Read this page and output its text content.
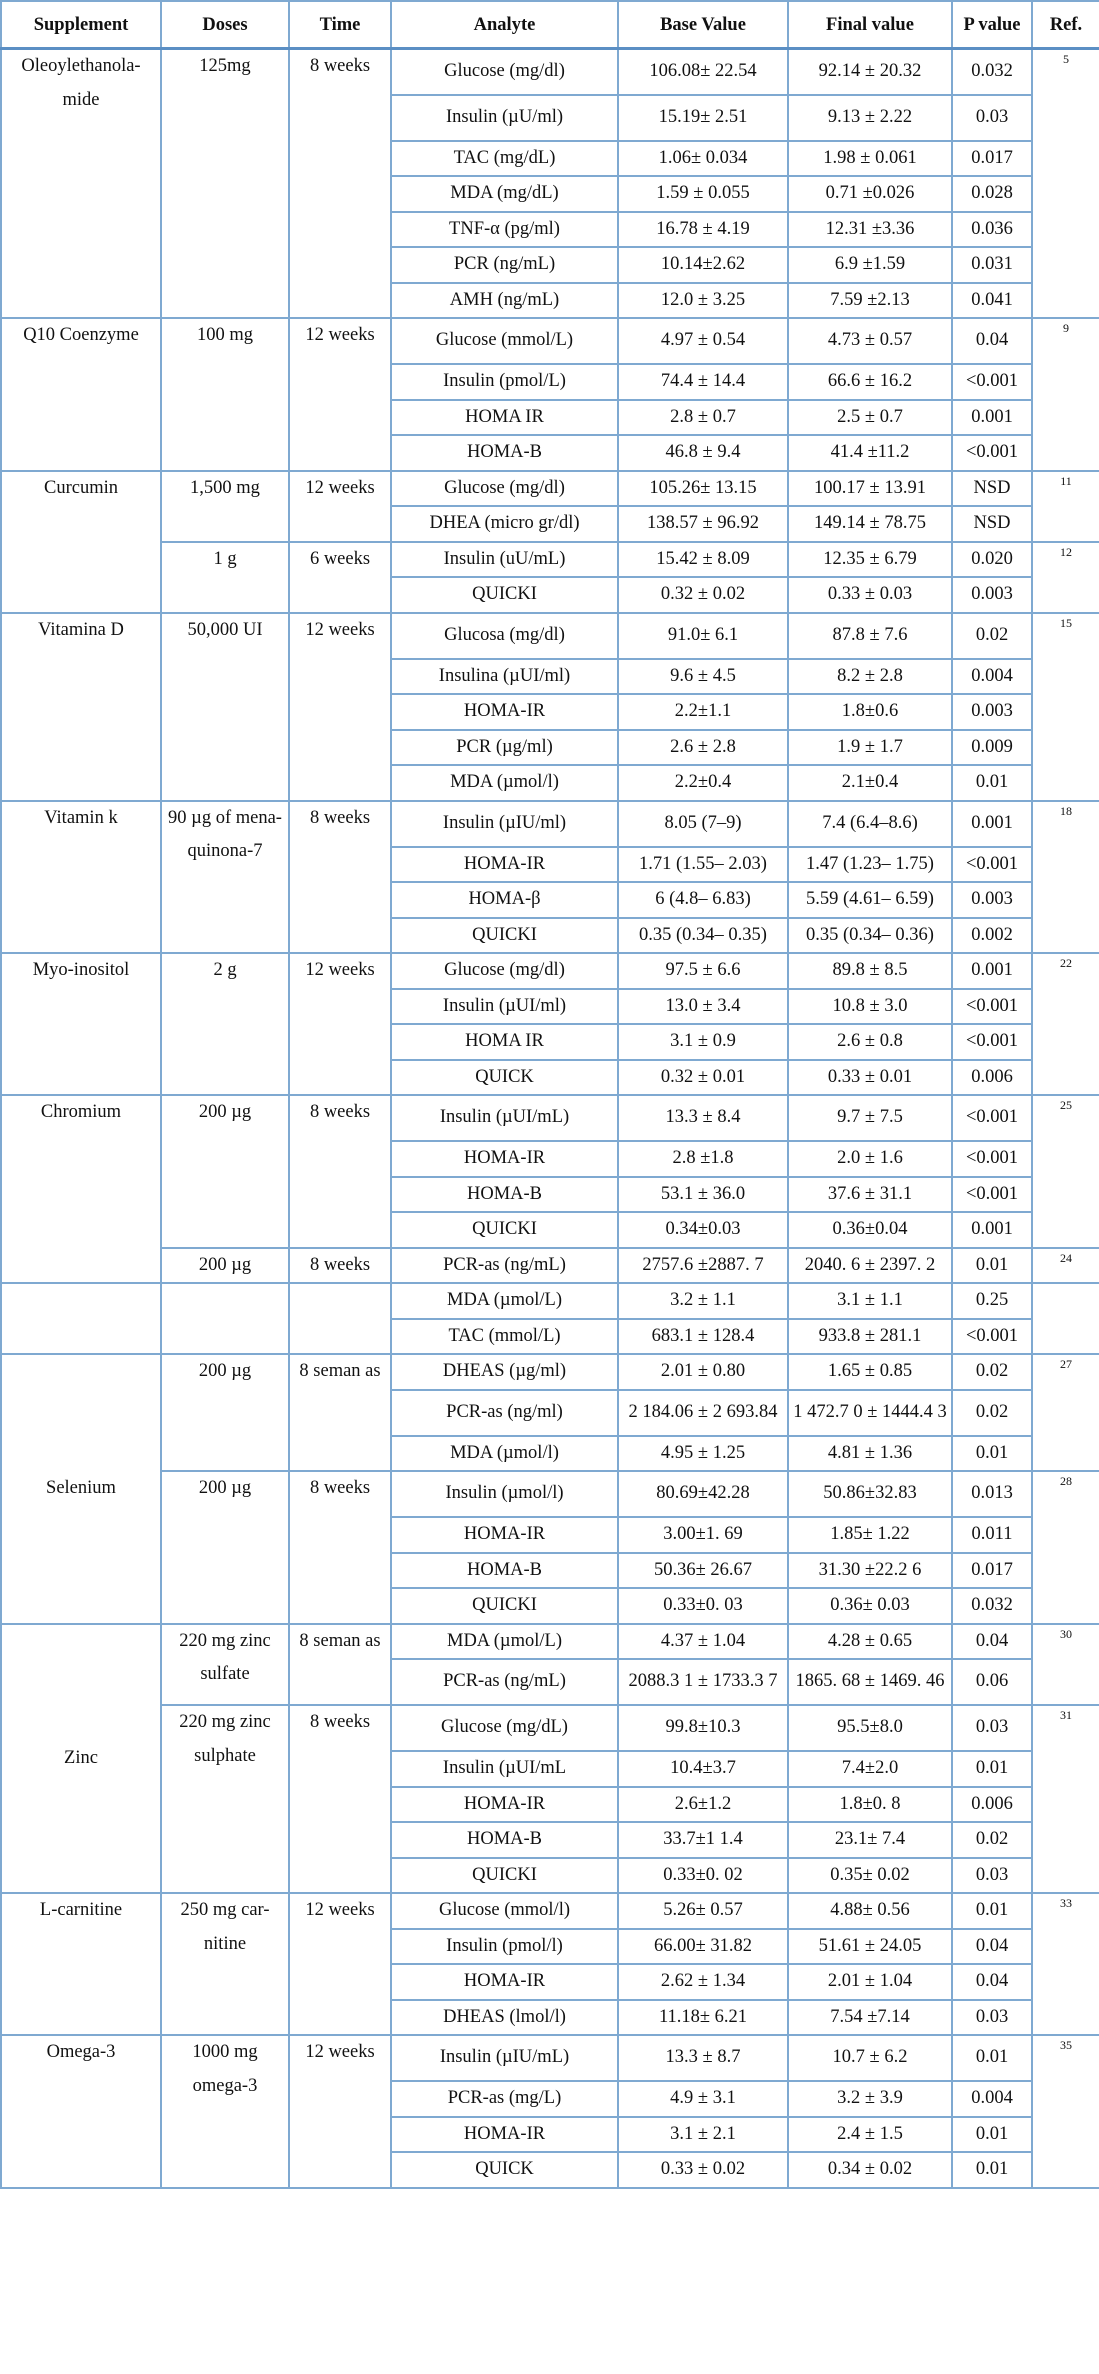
Supplement	Doses	Time	Analyte	Base Value	Final value	P value	Ref.
Oleoylethanola-mide	125mg	8 weeks	Glucose (mg/dl)	106.08± 22.54	92.14 ± 20.32	0.032	5
			Insulin (µU/ml)	15.19± 2.51	9.13 ± 2.22	0.03	
			TAC (mg/dL)	1.06± 0.034	1.98 ± 0.061	0.017	
			MDA (mg/dL)	1.59 ± 0.055	0.71 ±0.026	0.028	
			TNF-α (pg/ml)	16.78 ± 4.19	12.31 ±3.36	0.036	
			PCR (ng/mL)	10.14±2.62	6.9 ±1.59	0.031	
			AMH (ng/mL)	12.0 ± 3.25	7.59 ±2.13	0.041	
Q10 Coenzyme	100 mg	12 weeks	Glucose (mmol/L)	4.97 ± 0.54	4.73 ± 0.57	0.04	9
			Insulin (pmol/L)	74.4 ± 14.4	66.6 ± 16.2	<0.001	
			HOMA IR	2.8 ± 0.7	2.5 ± 0.7	0.001	
			HOMA-B	46.8 ± 9.4	41.4 ±11.2	<0.001	
Curcumin	1,500 mg	12 weeks	Glucose (mg/dl)	105.26± 13.15	100.17 ± 13.91	NSD	11
			DHEA (micro gr/dl)	138.57 ± 96.92	149.14 ± 78.75	NSD	
	1 g	6 weeks	Insulin (uU/mL)	15.42 ± 8.09	12.35 ± 6.79	0.020	12
			QUICKI	0.32 ± 0.02	0.33 ± 0.03	0.003	
Vitamina D	50,000 UI	12 weeks	Glucosa (mg/dl)	91.0± 6.1	87.8 ± 7.6	0.02	15
			Insulina (µUI/ml)	9.6 ± 4.5	8.2 ± 2.8	0.004	
			HOMA-IR	2.2±1.1	1.8±0.6	0.003	
			PCR (µg/ml)	2.6 ± 2.8	1.9 ± 1.7	0.009	
			MDA (µmol/l)	2.2±0.4	2.1±0.4	0.01	
Vitamin k	90 µg of mena-quinona-7	8 weeks	Insulin (µIU/ml)	8.05 (7–9)	7.4 (6.4–8.6)	0.001	18
			HOMA-IR	1.71 (1.55– 2.03)	1.47 (1.23– 1.75)	<0.001	
			HOMA-β	6 (4.8– 6.83)	5.59 (4.61– 6.59)	0.003	
			QUICKI	0.35 (0.34– 0.35)	0.35 (0.34– 0.36)	0.002	
Myo-inositol	2 g	12 weeks	Glucose (mg/dl)	97.5 ± 6.6	89.8 ± 8.5	0.001	22
			Insulin (µUI/ml)	13.0 ± 3.4	10.8 ± 3.0	<0.001	
			HOMA IR	3.1 ± 0.9	2.6 ± 0.8	<0.001	
			QUICK	0.32 ± 0.01	0.33 ± 0.01	0.006	
Chromium	200 µg	8 weeks	Insulin (µUI/mL)	13.3 ± 8.4	9.7 ± 7.5	<0.001	25
			HOMA-IR	2.8 ±1.8	2.0 ± 1.6	<0.001	
			HOMA-B	53.1 ± 36.0	37.6 ± 31.1	<0.001	
			QUICKI	0.34±0.03	0.36±0.04	0.001	
	200 µg	8 weeks	PCR-as (ng/mL)	2757.6 ±2887. 7	2040. 6 ± 2397. 2	0.01	24
			MDA (µmol/L)	3.2 ± 1.1	3.1 ± 1.1	0.25	
			TAC (mmol/L)	683.1 ± 128.4	933.8 ± 281.1	<0.001	
Selenium	200 µg	8 seman as	DHEAS (µg/ml)	2.01 ± 0.80	1.65 ± 0.85	0.02	27
			PCR-as (ng/ml)	2 184.06 ± 2 693.84	1 472.7 0 ± 1444.4 3	0.02	
			MDA (µmol/l)	4.95 ± 1.25	4.81 ± 1.36	0.01	
	200 µg	8 weeks	Insulin (µmol/l)	80.69±42.28	50.86±32.83	0.013	28
			HOMA-IR	3.00±1. 69	1.85± 1.22	0.011	
			HOMA-B	50.36± 26.67	31.30 ±22.2 6	0.017	
			QUICKI	0.33±0. 03	0.36± 0.03	0.032	
Zinc	220 mg zinc sulfate	8 seman as	MDA (µmol/L)	4.37 ± 1.04	4.28 ± 0.65	0.04	30
			PCR-as (ng/mL)	2088.3 1 ± 1733.3 7	1865. 68 ± 1469. 46	0.06	
	220 mg zinc sulphate	8 weeks	Glucose (mg/dL)	99.8±10.3	95.5±8.0	0.03	31
			Insulin (µUI/mL	10.4±3.7	7.4±2.0	0.01	
			HOMA-IR	2.6±1.2	1.8±0. 8	0.006	
			HOMA-B	33.7±1 1.4	23.1± 7.4	0.02	
			QUICKI	0.33±0. 02	0.35± 0.02	0.03	
L-carnitine	250 mg car-nitine	12 weeks	Glucose (mmol/l)	5.26± 0.57	4.88± 0.56	0.01	33
			Insulin (pmol/l)	66.00± 31.82	51.61 ± 24.05	0.04	
			HOMA-IR	2.62 ± 1.34	2.01 ± 1.04	0.04	
			DHEAS (lmol/l)	11.18± 6.21	7.54 ±7.14	0.03	
Omega-3	1000 mg omega-3	12 weeks	Insulin (µIU/mL)	13.3 ± 8.7	10.7 ± 6.2	0.01	35
			PCR-as (mg/L)	4.9 ± 3.1	3.2 ± 3.9	0.004	
			HOMA-IR	3.1 ± 2.1	2.4 ± 1.5	0.01	
			QUICK	0.33 ± 0.02	0.34 ± 0.02	0.01	
